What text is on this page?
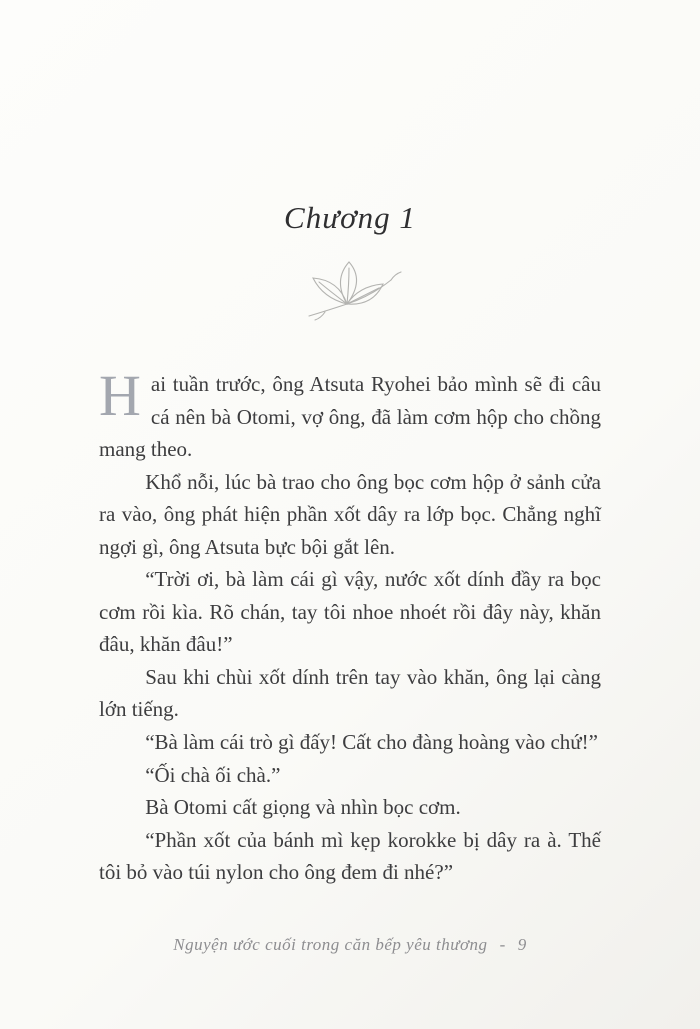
Chương 1

Hai tuần trước, ông Atsuta Ryohei bảo mình sẽ đi câu cá nên bà Otomi, vợ ông, đã làm cơm hộp cho chồng mang theo.

Khổ nỗi, lúc bà trao cho ông bọc cơm hộp ở sảnh cửa ra vào, ông phát hiện phần xốt dây ra lớp bọc. Chẳng nghĩ ngợi gì, ông Atsuta bực bội gắt lên.

“Trời ơi, bà làm cái gì vậy, nước xốt dính đầy ra bọc cơm rồi kìa. Rõ chán, tay tôi nhoe nhoét rồi đây này, khăn đâu, khăn đâu!”

Sau khi chùi xốt dính trên tay vào khăn, ông lại càng lớn tiếng.

“Bà làm cái trò gì đấy! Cất cho đàng hoàng vào chứ!”

“Ối chà ối chà.”

Bà Otomi cất giọng và nhìn bọc cơm.

“Phần xốt của bánh mì kẹp korokke bị dây ra à. Thế tôi bỏ vào túi nylon cho ông đem đi nhé?”

Nguyện ước cuối trong căn bếp yêu thương - 9
